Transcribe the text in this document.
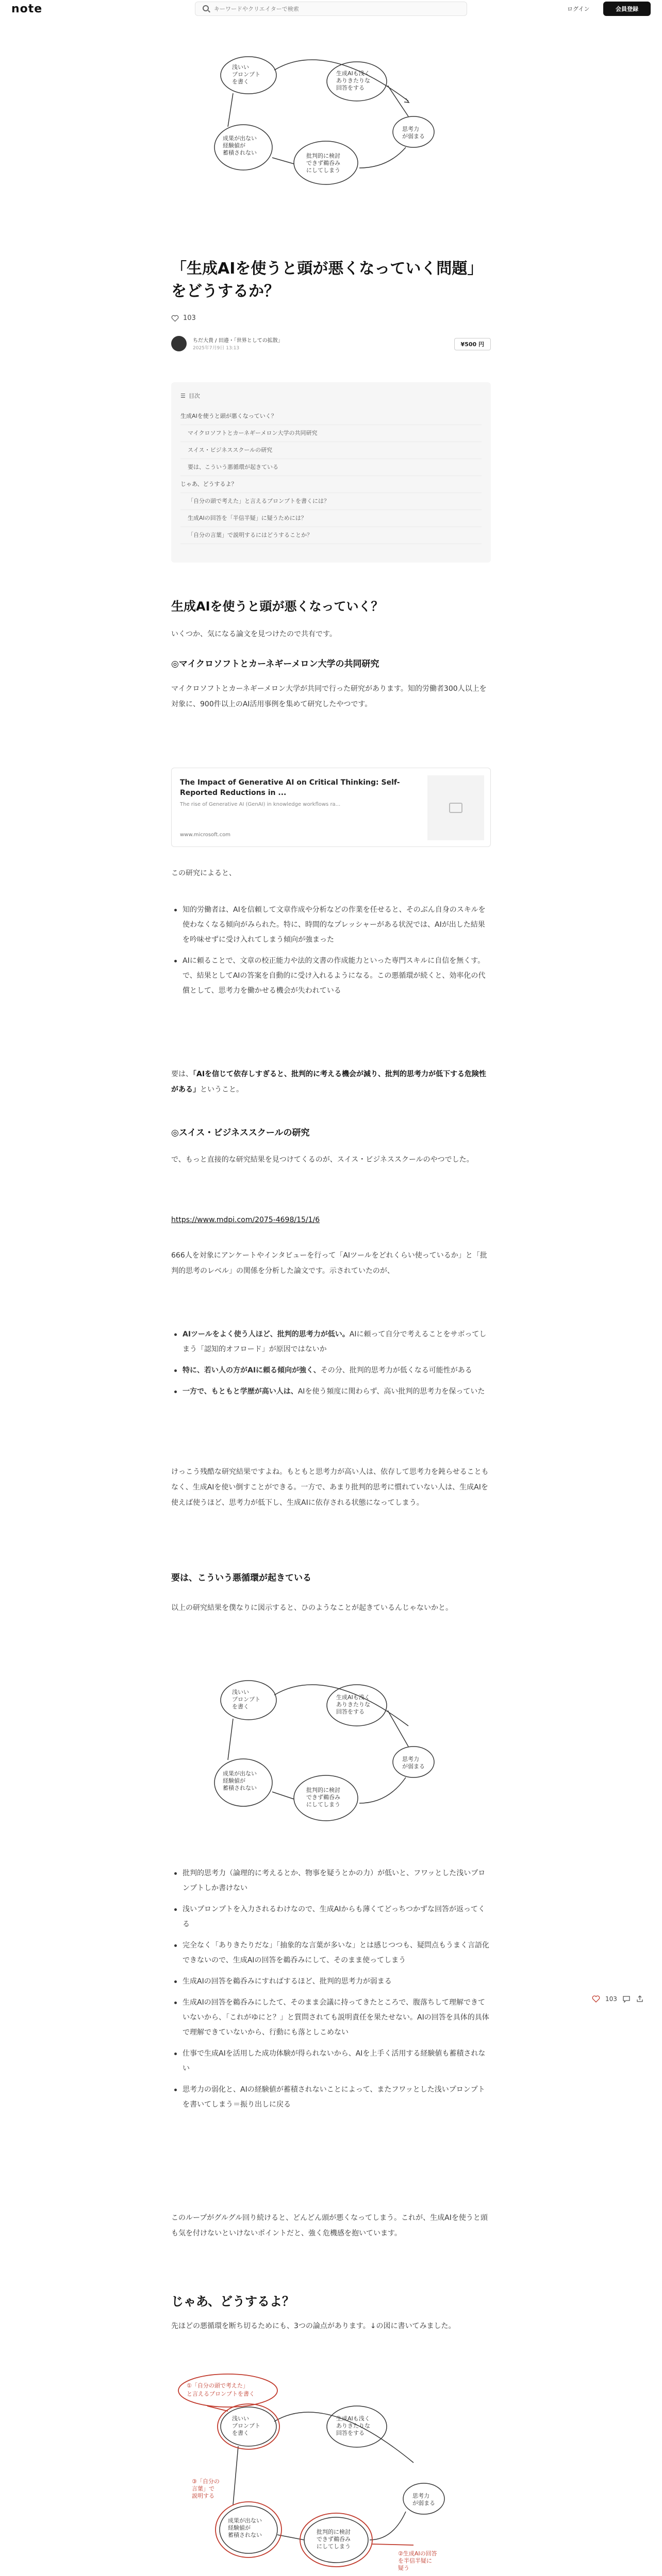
note
キーワードやクリエイターで検索	ログイン	会員登録
浅いい
プロンプト
を書く
生成AIも浅く
ありきたりな
回答をする
思考力
が弱まる
批判的に検討
できず鵜呑み
にしてしまう
成果が出ない
経験値が
蓄積されない
「生成AIを使うと頭が悪くなっていく問題」
をどうするか？
103
ちだ大貴 / 田邉・「世界としての拡散」
2025年7月9日 13:13
¥500 円
☰ 目次
生成AIを使うと頭が悪くなっていく？
マイクロソフトとカーネギーメロン大学の共同研究
スイス・ビジネススクールの研究
要は、こういう悪循環が起きている
じゃあ、どうするよ？
「自分の頭で考えた」と言えるプロンプトを書くには？
生成AIの回答を「半信半疑」に疑うためには？
「自分の言葉」で説明するにはどうすることか？
生成AIを使うと頭が悪くなっていく？
いくつか、気になる論文を見つけたので共有です。
◎マイクロソフトとカーネギーメロン大学の共同研究
マイクロソフトとカーネギーメロン大学が共同で行った研究があります。知的労働者300人以上を対象に、900件以上のAI活用事例を集めて研究したやつです。
The Impact of Generative AI on Critical Thinking: Self-Reported Reductions in ...
The rise of Generative AI (GenAI) in knowledge workflows ra...
www.microsoft.com
この研究によると、
知的労働者は、AIを信頼して文章作成や分析などの作業を任せると、そのぶん自身のスキルを使わなくなる傾向がみられた。特に、時間的なプレッシャーがある状況では、AIが出した結果を吟味せずに受け入れてしまう傾向が強まった
AIに頼ることで、文章の校正能力や法的文書の作成能力といった専門スキルに自信を無くす。で、結果としてAIの答案を自動的に受け入れるようになる。この悪循環が続くと、効率化の代償として、思考力を働かせる機会が失われている
要は、「AIを信じて依存しすぎると、批判的に考える機会が減り、批判的思考力が低下する危険性がある」ということ。
◎スイス・ビジネススクールの研究
で、もっと直接的な研究結果を見つけてくるのが、スイス・ビジネススクールのやつでした。
https://www.mdpi.com/2075-4698/15/1/6
666人を対象にアンケートやインタビューを行って「AIツールをどれくらい使っているか」と「批判的思考のレベル」の関係を分析した論文です。示されていたのが、
AIツールをよく使う人ほど、批判的思考力が低い。AIに頼って自分で考えることをサボってしまう「認知的オフロード」が原因ではないか
特に、若い人の方がAIに頼る傾向が強く、その分、批判的思考力が低くなる可能性がある
一方で、もともと学歴が高い人は、AIを使う頻度に関わらず、高い批判的思考力を保っていた
けっこう残酷な研究結果ですよね。もともと思考力が高い人は、依存して思考力を鈍らせることもなく、生成AIを使い倒すことができる。一方で、あまり批判的思考に慣れていない人は、生成AIを使えば使うほど、思考力が低下し、生成AIに依存される状態になってしまう。
要は、こういう悪循環が起きている
以上の研究結果を僕なりに図示すると、ひのようなことが起きているんじゃないかと。
浅いい
プロンプト
を書く
生成AIも浅く
ありきたりな
回答をする
思考力
が弱まる
批判的に検討
できず鵜呑み
にしてしまう
成果が出ない
経験値が
蓄積されない
批判的思考力（論理的に考えるとか、物事を疑うとかの力）が低いと、フワッとした浅いプロンプトしか書けない
浅いプロンプトを入力されるわけなので、生成AIからも薄くてどっちつかずな回答が返ってくる
完全なく「ありきたりだな」「抽象的な言葉が多いな」とは感じつつも、疑問点もうまく言語化できないので、生成AIの回答を鵜呑みにして、そのまま使ってしまう
生成AIの回答を鵜呑みにすればするほど、批判的思考力が弱まる
生成AIの回答を鵜呑みにしたて、そのまま会議に持ってきたところで、腹落ちして理解できていないから、「これがゆにと？」と質問されても説明責任を果たせない。AIの回答を具体的具体で理解できていないから、行動にも落としこめない
仕事で生成AIを活用した成功体験が得られないから、AIを上手く活用する経験値も蓄積されない
思考力の弱化と、AIの経験値が蓄積されないことによって、またフワッとした浅いプロンプトを書いてしまう＝振り出しに戻る
このループがグルグル回り続けると、どんどん頭が悪くなってしまう。これが、生成AIを使うと頭も気を付けないといけないポイントだと、強く危機感を抱いています。
じゃあ、どうするよ？
先ほどの悪循環を断ち切るためにも、3つの論点があります。↓の図に書いてみました。
①「自分の頭で考えた」
と言えるプロンプトを書く
③「自分の
言葉」で
説明する
②生成AIの回答
を半信半疑に
疑う
浅いい
プロンプト
を書く
生成AIも浅く
ありきたりな
回答をする
思考力
が弱まる
批判的に検討
できず鵜呑み
にしてしまう
成果が出ない
経験値が
蓄積されない
103
